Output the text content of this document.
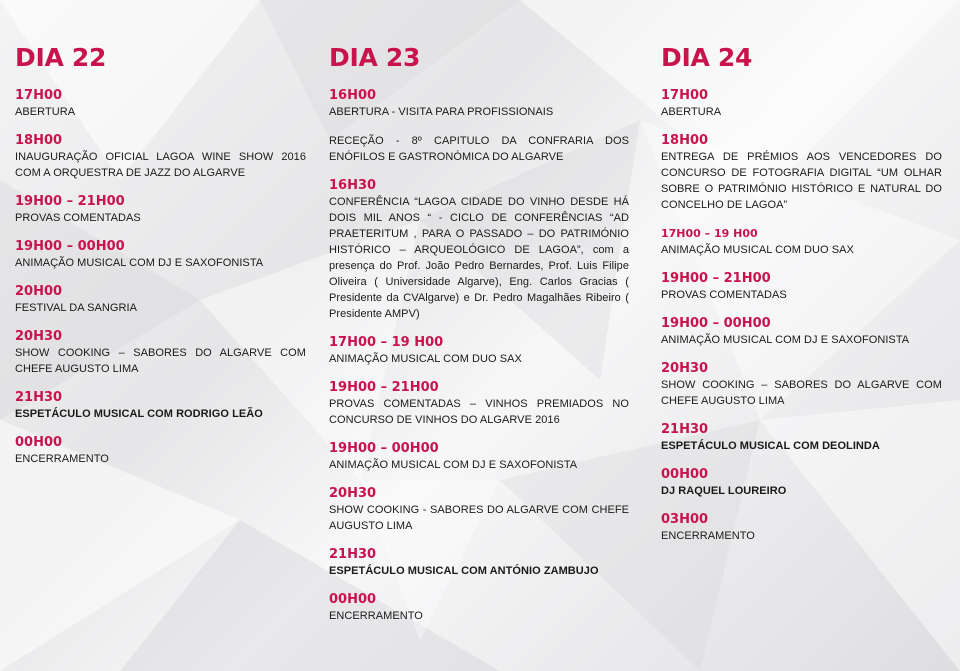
DIA 22
17H00
ABERTURA
18H00
INAUGURAÇÃO OFICIAL LAGOA WINE SHOW 2016 COM A ORQUESTRA DE JAZZ DO ALGARVE
19H00 – 21H00
PROVAS COMENTADAS
19H00 – 00H00
ANIMAÇÃO MUSICAL COM DJ E SAXOFONISTA
20H00
FESTIVAL DA SANGRIA
20H30
SHOW COOKING – SABORES DO ALGARVE COM CHEFE AUGUSTO LIMA
21H30
ESPETÁCULO MUSICAL COM RODRIGO LEÃO
00H00
ENCERRAMENTO
DIA 23
16H00
ABERTURA - VISITA PARA PROFISSIONAIS
RECEÇÃO - 8º CAPITULO DA CONFRARIA DOS ENÓFILOS E GASTRONÓMICA DO ALGARVE
16H30
CONFERÊNCIA “LAGOA CIDADE DO VINHO DESDE HÁ DOIS MIL ANOS “ - CICLO DE CONFERÊNCIAS “AD PRAETERITUM , PARA O PASSADO – DO PATRIMÓNIO HISTÓRICO – ARQUEOLÓGICO DE LAGOA”, com a presença do Prof. João Pedro Bernardes, Prof. Luis Filipe Oliveira ( Universidade Algarve), Eng. Carlos Gracias ( Presidente da CVAlgarve) e Dr. Pedro Magalhães Ribeiro ( Presidente AMPV)
17H00 – 19 H00
ANIMAÇÃO MUSICAL COM DUO SAX
19H00 – 21H00
PROVAS COMENTADAS – VINHOS PREMIADOS NO CONCURSO DE VINHOS DO ALGARVE 2016
19H00 – 00H00
ANIMAÇÃO MUSICAL COM DJ E SAXOFONISTA
20H30
SHOW COOKING - SABORES DO ALGARVE COM CHEFE AUGUSTO LIMA
21H30
ESPETÁCULO MUSICAL COM ANTÓNIO ZAMBUJO
00H00
ENCERRAMENTO
DIA 24
17H00
ABERTURA
18H00
ENTREGA DE PRÉMIOS AOS VENCEDORES DO CONCURSO DE FOTOGRAFIA DIGITAL “UM OLHAR SOBRE O PATRIMÓNIO HISTÓRICO E NATURAL DO CONCELHO DE LAGOA”
17H00 – 19 H00
ANIMAÇÃO MUSICAL COM DUO SAX
19H00 – 21H00
PROVAS COMENTADAS
19H00 – 00H00
ANIMAÇÃO MUSICAL COM DJ E SAXOFONISTA
20H30
SHOW COOKING – SABORES DO ALGARVE COM CHEFE AUGUSTO LIMA
21H30
ESPETÁCULO MUSICAL COM DEOLINDA
00H00
DJ RAQUEL LOUREIRO
03H00
ENCERRAMENTO
